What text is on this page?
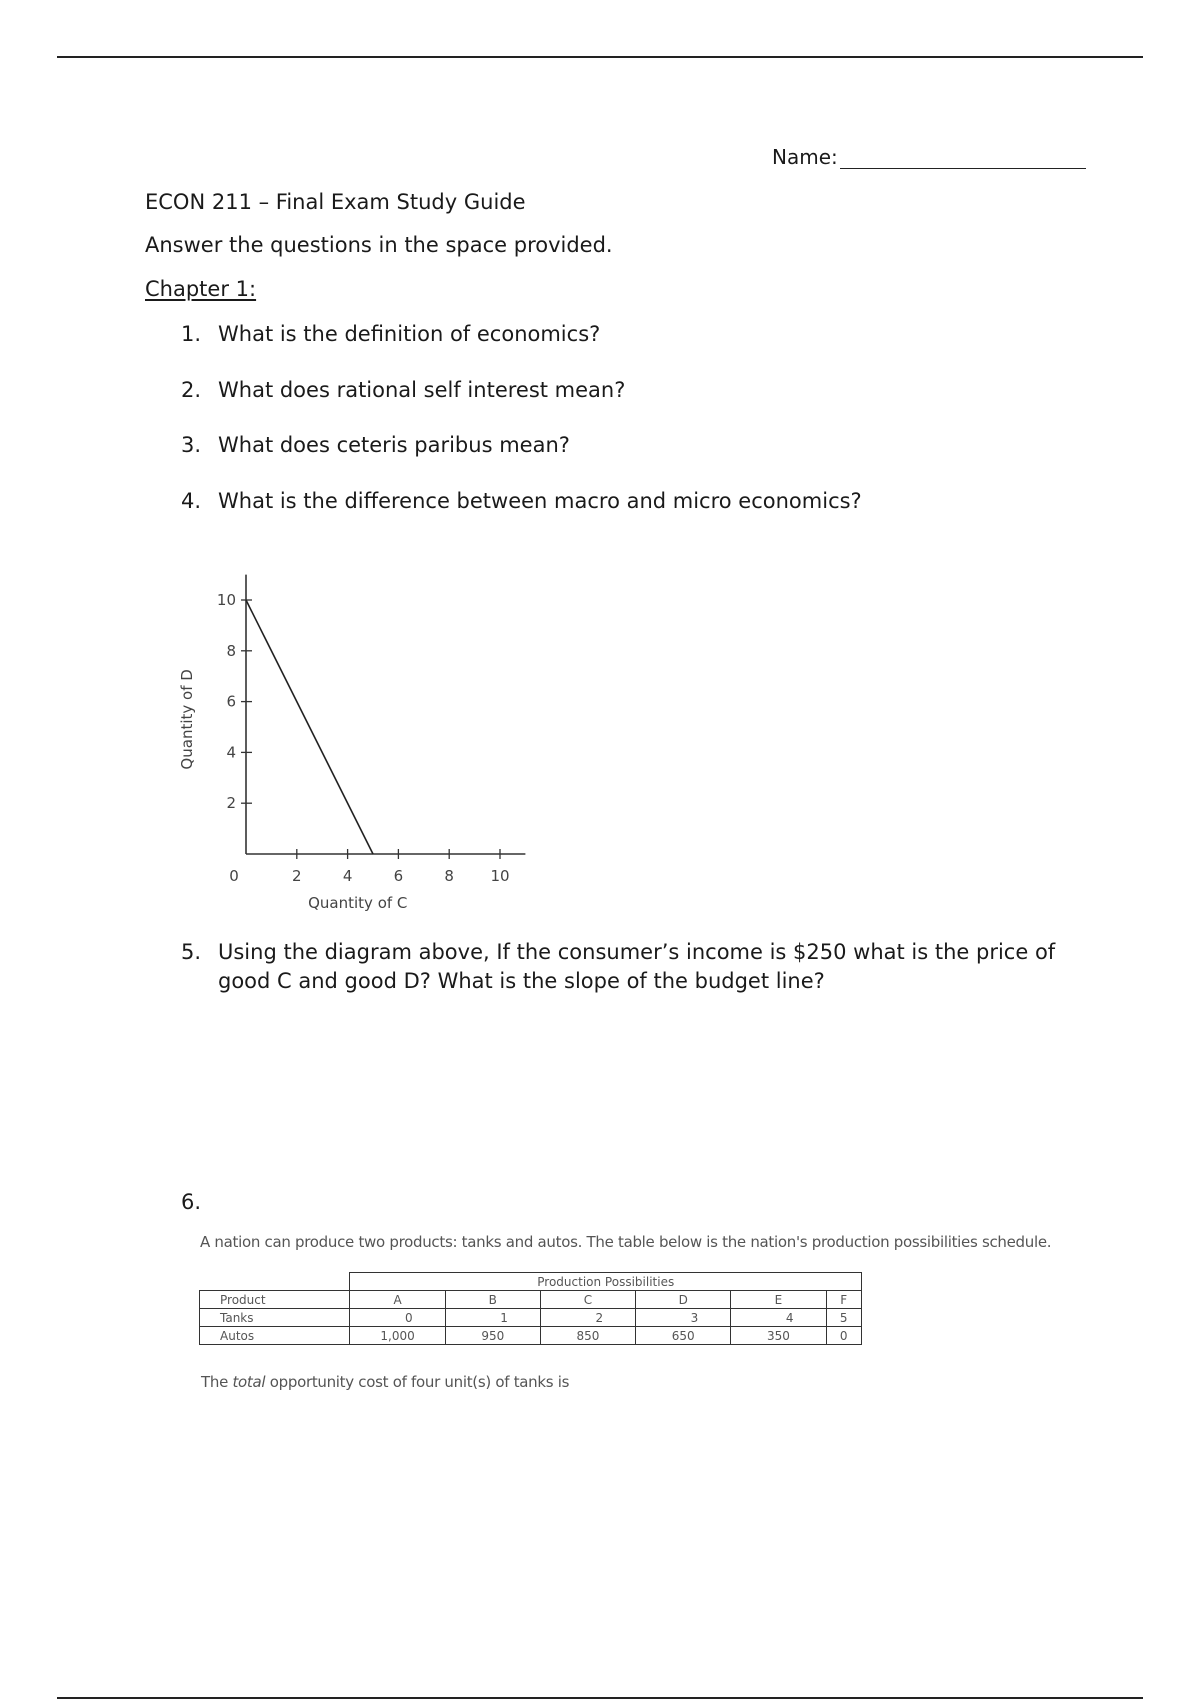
Name:
ECON 211 – Final Exam Study Guide
Answer the questions in the space provided.
Chapter 1:
1. What is the definition of economics?
2. What does rational self interest mean?
3. What does ceteris paribus mean?
4. What is the difference between macro and micro economics?
0	2	4	6	8 10
2
4
6
8
10
Quantity of C
Quantity of D
5. Using the diagram above, If the consumer’s income is $250 what is the price of good C and good D? What is the slope of the budget line?
6.
A nation can produce two products: tanks and autos. The table below is the nation's production possibilities schedule.
	Production Possibilities					
Product	A	B	C	D	E	F
Tanks	0	1	2	3	4	5
Autos	1,000	950	850	650	350	0
The total opportunity cost of four unit(s) of tanks is
